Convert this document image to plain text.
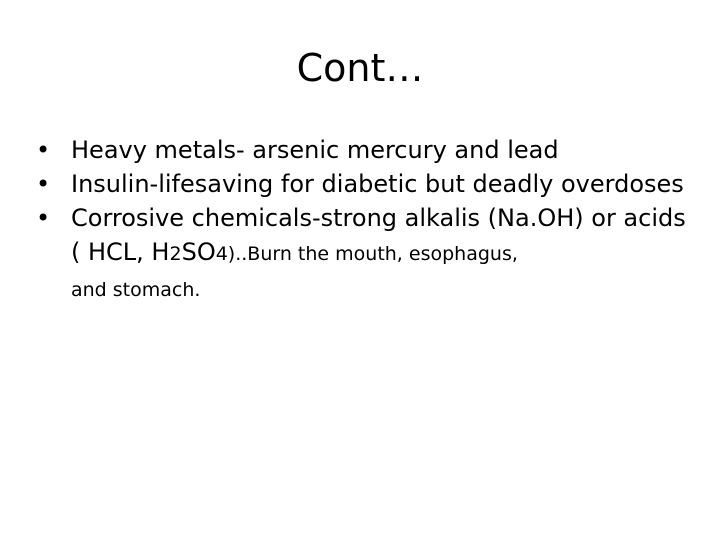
Cont…
• Heavy metals- arsenic mercury and lead
• Insulin-lifesaving for diabetic but deadly overdoses
• Corrosive chemicals-strong alkalis (Na.OH) or acids ( HCL, H2SO4)..Burn the mouth, esophagus,
and stomach.
